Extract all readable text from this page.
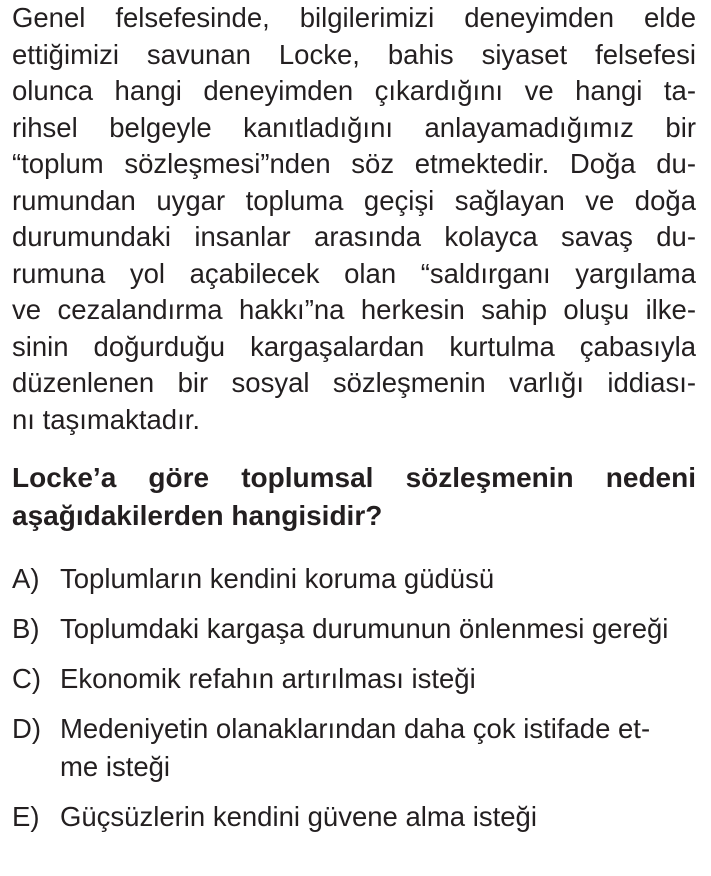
Genel felsefesinde, bilgilerimizi deneyimden elde
ettiğimizi savunan Locke, bahis siyaset felsefesi
olunca hangi deneyimden çıkardığını ve hangi ta-
rihsel belgeyle kanıtladığını anlayamadığımız bir
“toplum sözleşmesi”nden söz etmektedir. Doğa du-
rumundan uygar topluma geçişi sağlayan ve doğa
durumundaki insanlar arasında kolayca savaş du-
rumuna yol açabilecek olan “saldırganı yargılama
ve cezalandırma hakkı”na herkesin sahip oluşu ilke-
sinin doğurduğu kargaşalardan kurtulma çabasıyla
düzenlenen bir sosyal sözleşmenin varlığı iddiası-
nı taşımaktadır.
Locke’a göre toplumsal sözleşmenin nedeni
aşağıdakilerden hangisidir?
A) Toplumların kendini koruma güdüsü
B) Toplumdaki kargaşa durumunun önlenmesi gereği
C) Ekonomik refahın artırılması isteği
D) Medeniyetin olanaklarından daha çok istifade et-
me isteği
E) Güçsüzlerin kendini güvene alma isteği
